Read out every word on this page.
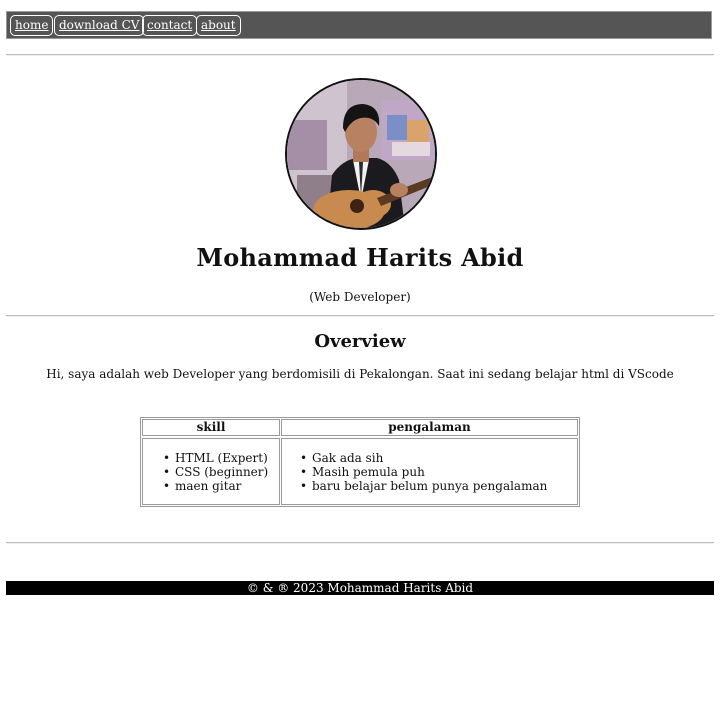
home download CV contact about
Mohammad Harits Abid
(Web Developer)
Overview
Hi, saya adalah web Developer yang berdomisili di Pekalongan. Saat ini sedang belajar html di VScode
skill	pengalaman
• HTML (Expert)
• CSS (beginner)
• maen gitar
• Gak ada sih
• Masih pemula puh
• baru belajar belum punya pengalaman
© & ® 2023 Mohammad Harits Abid
